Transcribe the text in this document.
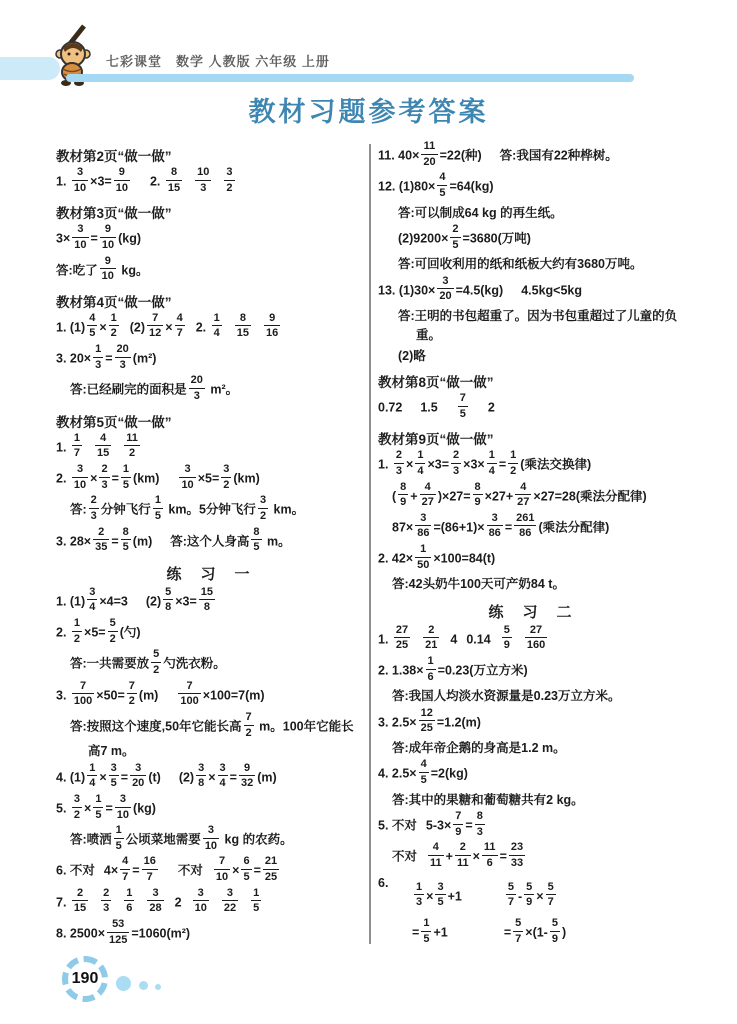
七彩课堂　数学 人教版 六年级 上册
教材习题参考答案
教材第2页“做一做”
1. $\frac{3}{10} \times 3= \frac{9}{10} 2$. $\frac{8}{15} \frac{10}{3} \frac{3}{2}$
教材第3页“做一做”
$3\times \frac{3}{10} = \frac{9}{10} (kg)$
答:吃了 $\frac{9}{10}$ kg。
教材第4页“做一做”
1. $(1) \frac{4}{5} \times \frac{1}{2} (2) \frac{7}{12} \times \frac{4}{7} 2$. $\frac{1}{4} \frac{8}{15} \frac{9}{16}$
3. $20\times \frac{1}{3} = \frac{20}{3} (m^2)$
答:已经刷完的面积是 $\frac{20}{3} m^2$。
教材第5页“做一做”
1. $\frac{1}{7} \frac{4}{15} \frac{11}{2}$
2. $\frac{3}{10} \times \frac{2}{3} = \frac{1}{5} (km) \frac{3}{10} \times 5= \frac{3}{2} (km)$
答: $\frac{2}{3}$ 分钟飞行 $\frac{1}{5}$ km。5分钟飞行 $\frac{3}{2}$ km。
3. $28\times \frac{2}{35} = \frac{8}{5} (m)$ 答:这个人身高 $\frac{8}{5}$ m。
练　习　一
1. $(1) \frac{3}{4} \times 4=3$ $(2) \frac{5}{8} \times 3= \frac{15}{8}$
2. $\frac{1}{2} \times 5= \frac{5}{2}$ (勺)
答:一共需要放 $\frac{5}{2}$ 勺洗衣粉。
3. $\frac{7}{100} \times 50= \frac{7}{2} (m) \frac{7}{100} \times 100=7(m)$
答:按照这个速度,50年它能长高 $\frac{7}{2}$ m。100年它能长高7 m。
4. $(1) \frac{1}{4} \times \frac{3}{5} = \frac{3}{20} (t)$ $(2) \frac{3}{8} \times \frac{3}{4} = \frac{9}{32} (m)$
5. $\frac{3}{2} \times \frac{1}{5} = \frac{3}{10} (kg)$
答:喷洒 $\frac{1}{5}$ 公顷菜地需要 $\frac{3}{10}$ kg 的农药。
6. 不对 $4\times \frac{4}{7} = \frac{16}{7}$ 不对 $\frac{7}{10} \times \frac{6}{5} = \frac{21}{25}$
7. $\frac{2}{15} \frac{2}{3} \frac{1}{6} \frac{3}{28} 2 \frac{3}{10} \frac{3}{22} \frac{1}{5}$
8. $2500\times \frac{53}{125} =1060(m^2)$
11. $40\times \frac{11}{20} =22$(种) 答:我国有22种桦树。
12. $(1)80\times \frac{4}{5} =64(kg)$
答:可以制成64 kg 的再生纸。
$(2)9200\times \frac{2}{5} =3680$(万吨)
答:可回收利用的纸和纸板大约有3680万吨。
13. $(1)30\times \frac{3}{20} =4.5(kg)$ 4.5kg<5kg
答:王明的书包超重了。因为书包重超过了儿童的负重。
(2)略
教材第8页“做一做”
0.72 $1.5 \frac{7}{5} 2$
教材第9页“做一做”
1. $\frac{2}{3} \times \frac{1}{4} \times 3= \frac{2}{3} \times 3\times \frac{1}{4} = \frac{1}{2}$ (乘法交换律)
( $\frac{8}{9} + \frac{4}{27} )\times 27= \frac{8}{9} \times 27+ \frac{4}{27} \times 27=28$(乘法分配律)
$87\times \frac{3}{86} =(86+1)\times \frac{3}{86} = \frac{261}{86}$ (乘法分配律)
2. $42\times \frac{1}{50} \times 100=84(t)$
答:42头奶牛100天可产奶84 t。
练　习　二
1. $\frac{27}{25} \frac{2}{21} 4$ $0.14 \frac{5}{9} \frac{27}{160}$
2. $1.38\times \frac{1}{6} =0.23$(万立方米)
答:我国人均淡水资源量是0.23万立方米。
3. $2.5\times \frac{12}{25} =1.2(m)$
答:成年帝企鹅的身高是1.2 m。
4. $2.5\times \frac{4}{5} =2(kg)$
答:其中的果糖和葡萄糖共有2 kg。
5. 不对 $5-3\times \frac{7}{9} = \frac{8}{3}$
不对 $\frac{4}{11} + \frac{2}{11} \times \frac{11}{6} = \frac{23}{33}$
6.	$\frac{1}{3} \times \frac{3}{5} +1$
= $\frac{1}{5} +1$
$\frac{5}{7} - \frac{5}{9} \times \frac{5}{7}$
= $\frac{5}{7} \times(1- \frac{5}{9}$ )
190
